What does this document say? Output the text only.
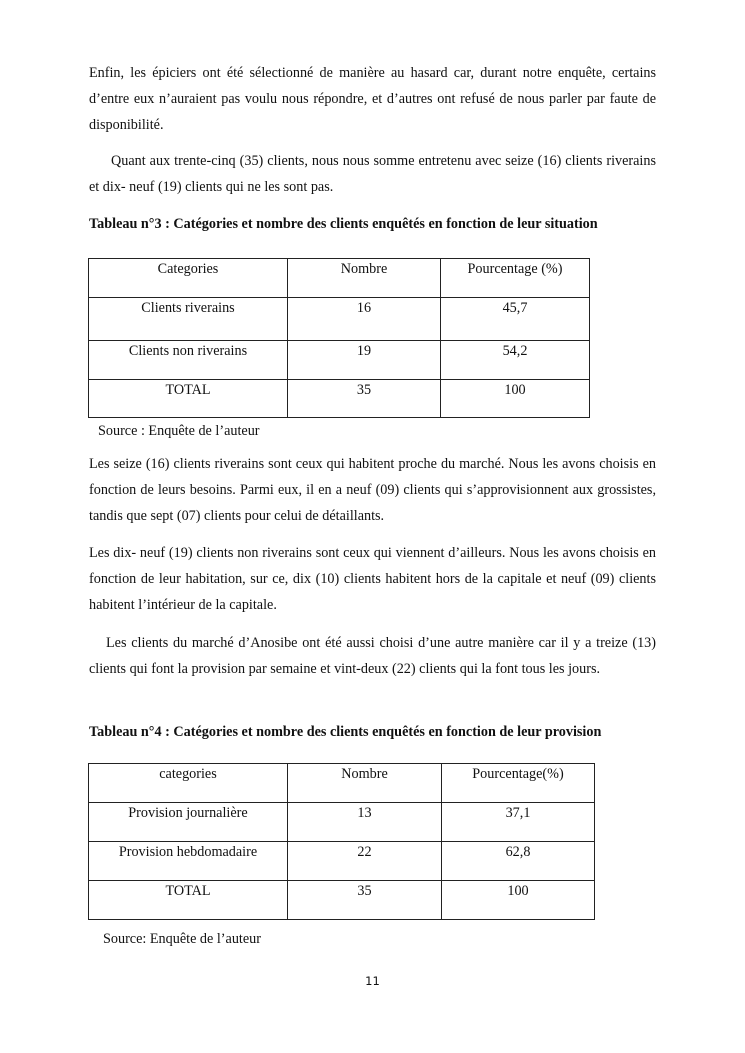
Enfin, les épiciers ont été sélectionné de manière au hasard car, durant notre enquête, certains d’entre eux n’auraient pas voulu nous répondre, et d’autres ont refusé de nous parler par faute de disponibilité.

Quant aux trente-cinq (35) clients, nous nous somme entretenu avec seize (16) clients riverains et dix- neuf (19) clients qui ne les sont pas.

Tableau n°3 : Catégories et nombre des clients enquêtés en fonction de leur situation

Categories	Nombre	Pourcentage (%)
Clients riverains	16	45,7
Clients non riverains	19	54,2
TOTAL	35	100

Source : Enquête de l’auteur

Les seize (16) clients riverains sont ceux qui habitent proche du marché. Nous les avons choisis en fonction de leurs besoins. Parmi eux, il en a neuf (09) clients qui s’approvisionnent aux grossistes, tandis que sept (07) clients pour celui de détaillants.

Les dix- neuf (19) clients non riverains sont ceux qui viennent d’ailleurs. Nous les avons choisis en fonction de leur habitation, sur ce, dix (10) clients habitent hors de la capitale et neuf (09) clients habitent l’intérieur de la capitale.

Les clients du marché d’Anosibe ont été aussi choisi d’une autre manière car il y a treize (13) clients qui font la provision par semaine et vint-deux (22) clients qui la font tous les jours.

Tableau n°4 : Catégories et nombre des clients enquêtés en fonction de leur provision

categories	Nombre	Pourcentage(%)
Provision journalière	13	37,1
Provision hebdomadaire	22	62,8
TOTAL	35	100

Source: Enquête de l’auteur

11
